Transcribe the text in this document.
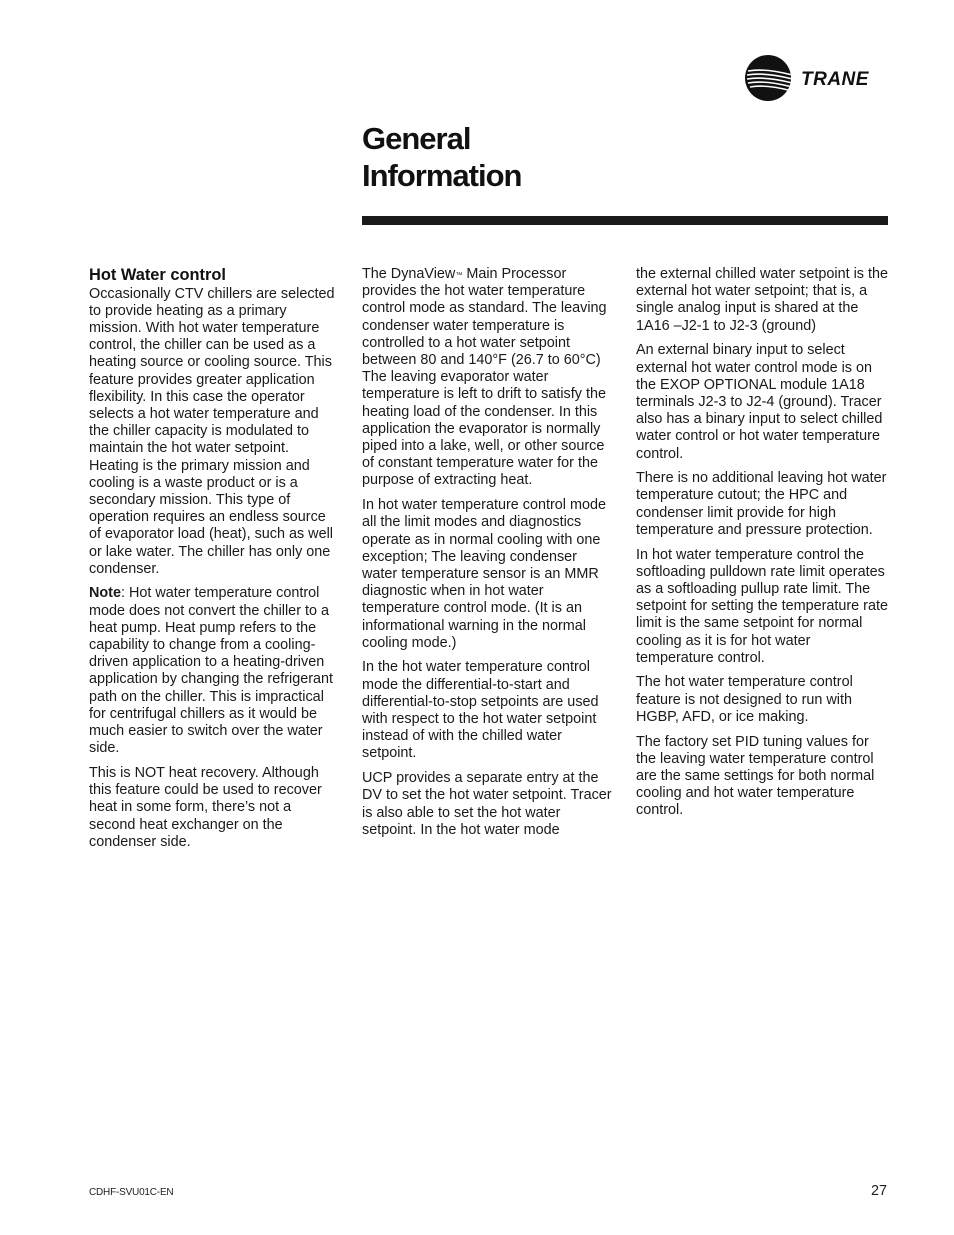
TRANE
General
Information
Hot Water control

Occasionally CTV chillers are selected to provide heating as a primary mission. With hot water temperature control, the chiller can be used as a heating source or cooling source. This feature provides greater application flexibility. In this case the operator selects a hot water temperature and the chiller capacity is modulated to maintain the hot water setpoint. Heating is the primary mission and cooling is a waste product or is a secondary mission. This type of operation requires an endless source of evaporator load (heat), such as well or lake water. The chiller has only one condenser.

Note: Hot water temperature control mode does not convert the chiller to a heat pump. Heat pump refers to the capability to change from a cooling-driven application to a heating-driven application by changing the refrigerant path on the chiller. This is impractical for centrifugal chillers as it would be much easier to switch over the water side.

This is NOT heat recovery. Although this feature could be used to recover heat in some form, there’s not a second heat exchanger on the condenser side.

The DynaView™ Main Processor provides the hot water temperature control mode as standard. The leaving condenser water temperature is controlled to a hot water setpoint between 80 and 140°F (26.7 to 60°C) The leaving evaporator water temperature is left to drift to satisfy the heating load of the condenser. In this application the evaporator is normally piped into a lake, well, or other source of constant temperature water for the purpose of extracting heat.

In hot water temperature control mode all the limit modes and diagnostics operate as in normal cooling with one exception; The leaving condenser water temperature sensor is an MMR diagnostic when in hot water temperature control mode. (It is an informational warning in the normal cooling mode.)

In the hot water temperature control mode the differential-to-start and differential-to-stop setpoints are used with respect to the hot water setpoint instead of with the chilled water setpoint.

UCP provides a separate entry at the DV to set the hot water setpoint. Tracer is also able to set the hot water setpoint. In the hot water mode

the external chilled water setpoint is the external hot water setpoint; that is, a single analog input is shared at the 1A16 –J2-1 to J2-3 (ground)

An external binary input to select external hot water control mode is on the EXOP OPTIONAL module 1A18 terminals J2-3 to J2-4 (ground). Tracer also has a binary input to select chilled water control or hot water temperature control.

There is no additional leaving hot water temperature cutout; the HPC and condenser limit provide for high temperature and pressure protection.

In hot water temperature control the softloading pulldown rate limit operates as a softloading pullup rate limit. The setpoint for setting the temperature rate limit is the same setpoint for normal cooling as it is for hot water temperature control.

The hot water temperature control feature is not designed to run with HGBP, AFD, or ice making.

The factory set PID tuning values for the leaving water temperature control are the same settings for both normal cooling and hot water temperature control.

CDHF-SVU01C-EN	27
